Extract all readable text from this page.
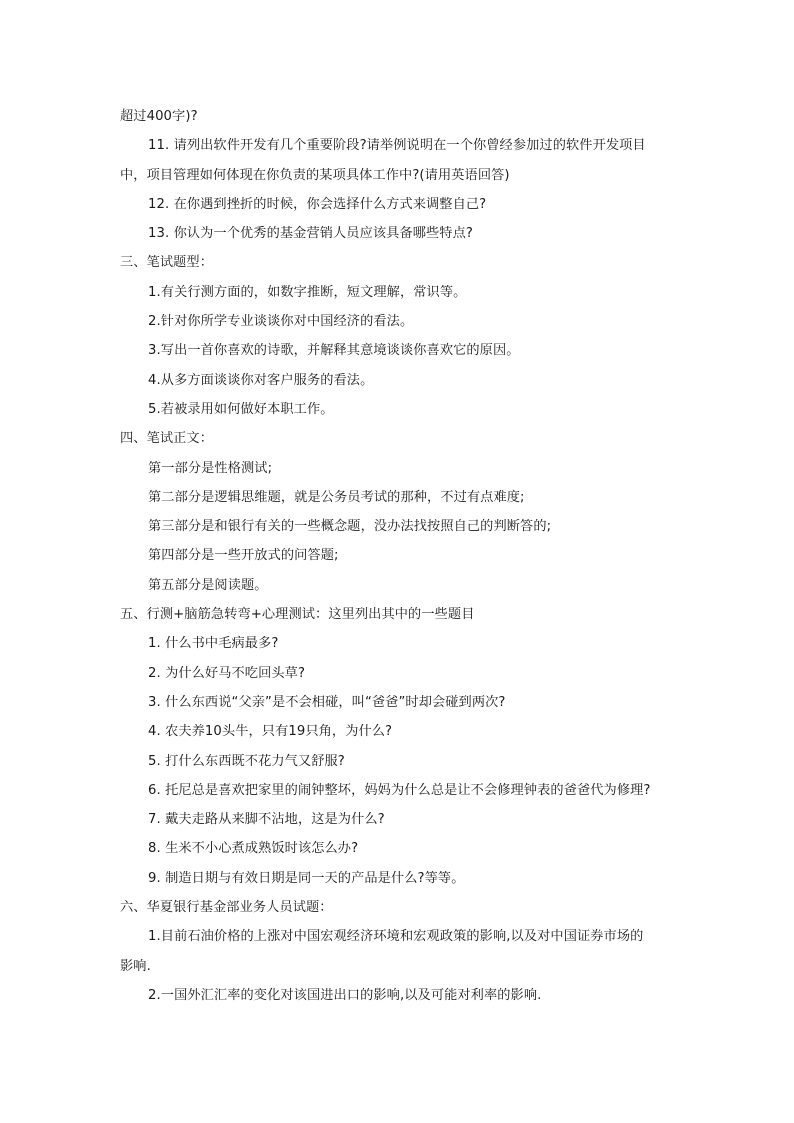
超过400字)?
11. 请列出软件开发有几个重要阶段?请举例说明在一个你曾经参加过的软件开发项目
中，项目管理如何体现在你负责的某项具体工作中?(请用英语回答)
12. 在你遇到挫折的时候，你会选择什么方式来调整自己?
13. 你认为一个优秀的基金营销人员应该具备哪些特点?
三、笔试题型：
1.有关行测方面的，如数字推断，短文理解，常识等。
2.针对你所学专业谈谈你对中国经济的看法。
3.写出一首你喜欢的诗歌，并解释其意境谈谈你喜欢它的原因。
4.从多方面谈谈你对客户服务的看法。
5.若被录用如何做好本职工作。
四、笔试正文：
第一部分是性格测试;
第二部分是逻辑思维题，就是公务员考试的那种，不过有点难度;
第三部分是和银行有关的一些概念题，没办法找按照自己的判断答的;
第四部分是一些开放式的问答题;
第五部分是阅读题。
五、行测+脑筋急转弯+心理测试：这里列出其中的一些题目
1. 什么书中毛病最多?
2. 为什么好马不吃回头草?
3. 什么东西说“父亲”是不会相碰，叫“爸爸”时却会碰到两次?
4. 农夫养10头牛，只有19只角，为什么?
5. 打什么东西既不花力气又舒服?
6. 托尼总是喜欢把家里的闹钟整坏，妈妈为什么总是让不会修理钟表的爸爸代为修理?
7. 戴夫走路从来脚不沾地，这是为什么?
8. 生米不小心煮成熟饭时该怎么办?
9. 制造日期与有效日期是同一天的产品是什么?等等。
六、华夏银行基金部业务人员试题：
1.目前石油价格的上涨对中国宏观经济环境和宏观政策的影响,以及对中国证券市场的
影响.
2.一国外汇汇率的变化对该国进出口的影响,以及可能对利率的影响.
